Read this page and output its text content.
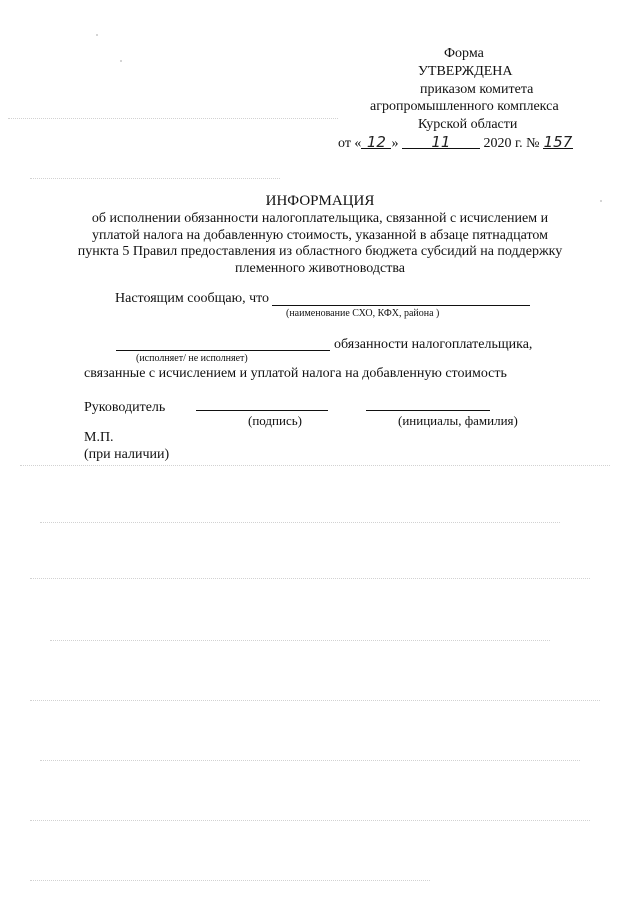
Форма
УТВЕРЖДЕНА
приказом комитета
агропромышленного комплекса
Курской области
от « 12 » 11 2020 г. № 157
ИНФОРМАЦИЯ
об исполнении обязанности налогоплательщика, связанной с исчислением и
уплатой налога на добавленную стоимость, указанной в абзаце пятнадцатом
пункта 5 Правил предоставления из областного бюджета субсидий на поддержку
племенного животноводства
Настоящим сообщаю, что
(наименование СХО, КФХ, района )
обязанности налогоплательщика,
(исполняет/ не исполняет)
связанные с исчислением и уплатой налога на добавленную стоимость
Руководитель
(подпись)	(инициалы, фамилия)
М.П.
(при наличии)
